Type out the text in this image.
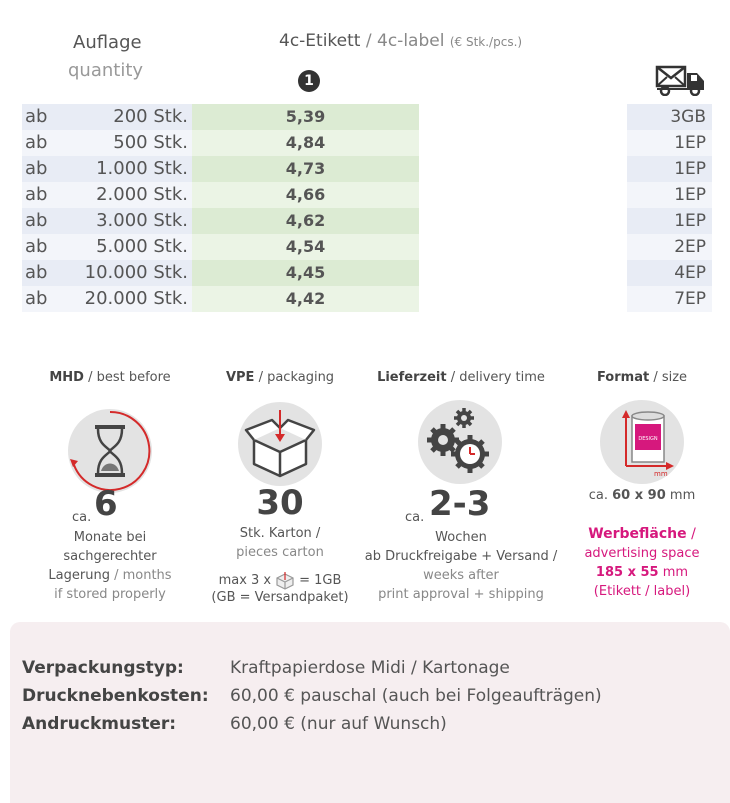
Auflage
quantity
4c-Etikett / 4c-label (€ Stk./pcs.)
1
ab	200 Stk.	5,39	3GB
ab	500 Stk.	4,84	1EP
ab	1.000 Stk.	4,73	1EP
ab	2.000 Stk.	4,66	1EP
ab	3.000 Stk.	4,62	1EP
ab	5.000 Stk.	4,54	2EP
ab	10.000 Stk.	4,45	4EP
ab	20.000 Stk.	4,42	7EP
MHD / best before
ca. 6
Monate bei
sachgerechter
Lagerung / months
if stored properly
VPE / packaging
30
Stk. Karton /
pieces carton
max 3 x = 1GB
(GB = Versandpaket)
Lieferzeit / delivery time
ca. 2-3
Wochen
ab Druckfreigabe + Versand /
weeks after
print approval + shipping
Format / size
DESIGN
mm
ca. 60 x 90 mm
Werbefläche /
advertising space
185 x 55 mm
(Etikett / label)
Verpackungstyp:	Kraftpapierdose Midi / Kartonage
Drucknebenkosten: 60,00 € pauschal (auch bei Folgeaufträgen)
Andruckmuster:	60,00 € (nur auf Wunsch)
